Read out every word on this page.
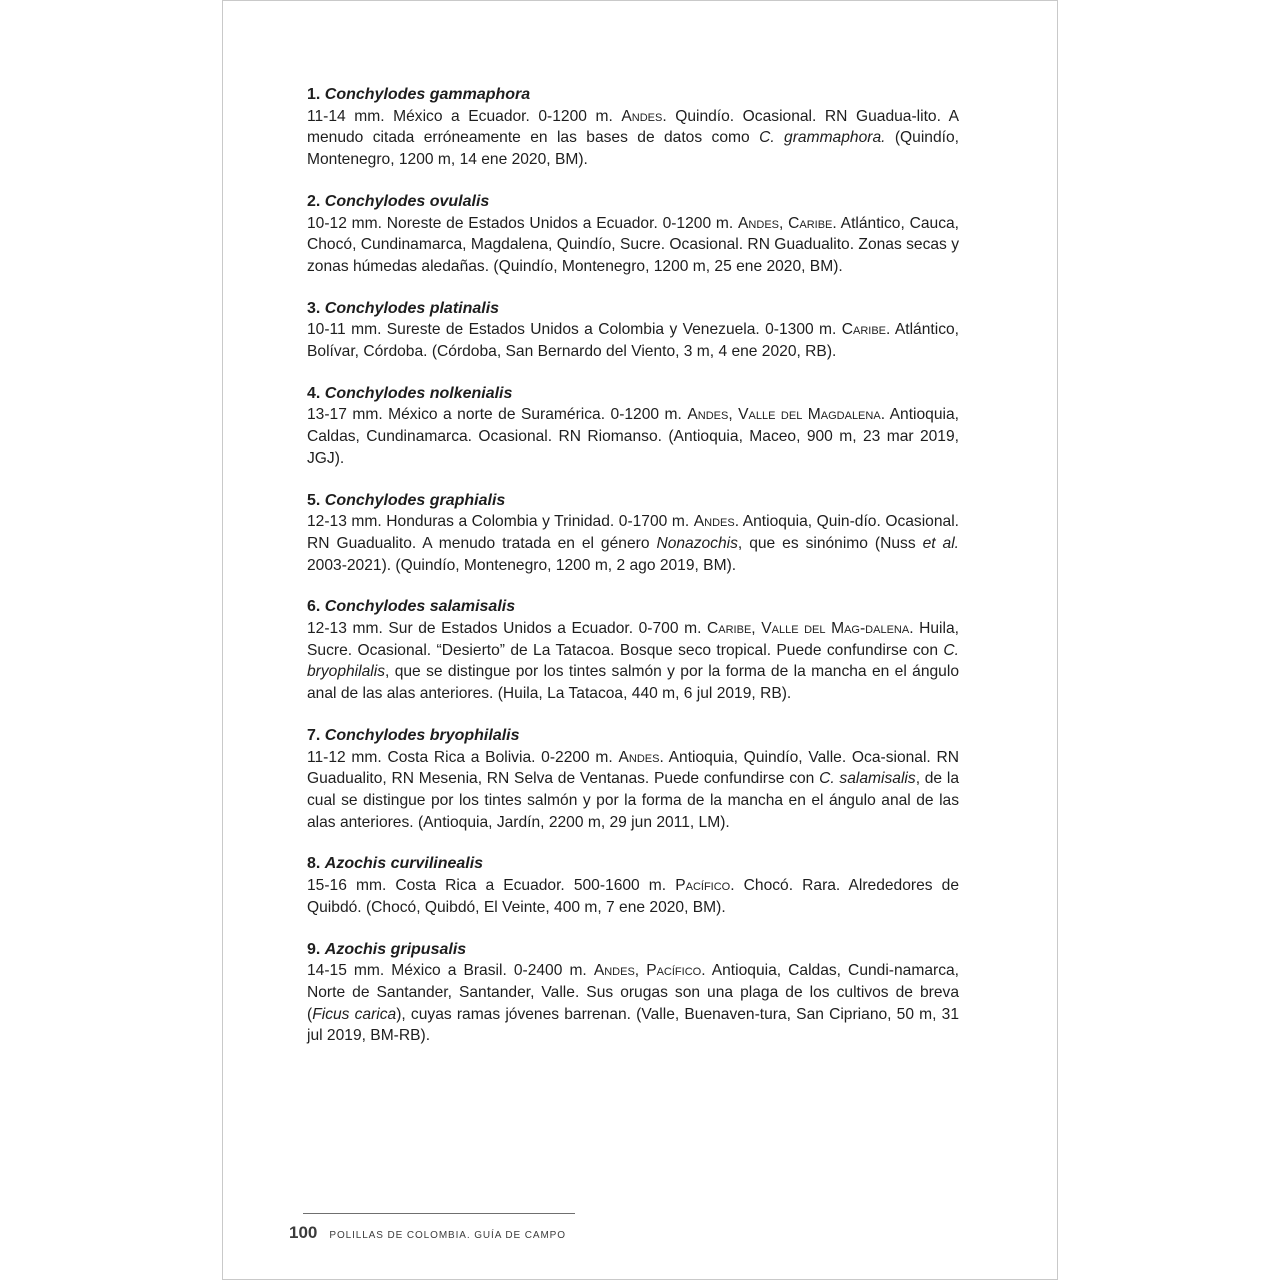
1. Conchylodes gammaphora

11-14 mm. México a Ecuador. 0-1200 m. Andes. Quindío. Ocasional. RN Guadua-lito. A menudo citada erróneamente en las bases de datos como C. grammaphora. (Quindío, Montenegro, 1200 m, 14 ene 2020, BM).

2. Conchylodes ovulalis

10-12 mm. Noreste de Estados Unidos a Ecuador. 0-1200 m. Andes, Caribe. Atlántico, Cauca, Chocó, Cundinamarca, Magdalena, Quindío, Sucre. Ocasional. RN Guadualito. Zonas secas y zonas húmedas aledañas. (Quindío, Montenegro, 1200 m, 25 ene 2020, BM).

3. Conchylodes platinalis

10-11 mm. Sureste de Estados Unidos a Colombia y Venezuela. 0-1300 m. Caribe. Atlántico, Bolívar, Córdoba. (Córdoba, San Bernardo del Viento, 3 m, 4 ene 2020, RB).

4. Conchylodes nolkenialis

13-17 mm. México a norte de Suramérica. 0-1200 m. Andes, Valle del Magdalena. Antioquia, Caldas, Cundinamarca. Ocasional. RN Riomanso. (Antioquia, Maceo, 900 m, 23 mar 2019, JGJ).

5. Conchylodes graphialis

12-13 mm. Honduras a Colombia y Trinidad. 0-1700 m. Andes. Antioquia, Quin-dío. Ocasional. RN Guadualito. A menudo tratada en el género Nonazochis, que es sinónimo (Nuss et al. 2003-2021). (Quindío, Montenegro, 1200 m, 2 ago 2019, BM).

6. Conchylodes salamisalis

12-13 mm. Sur de Estados Unidos a Ecuador. 0-700 m. Caribe, Valle del Mag-dalena. Huila, Sucre. Ocasional. “Desierto” de La Tatacoa. Bosque seco tropical. Puede confundirse con C. bryophilalis, que se distingue por los tintes salmón y por la forma de la mancha en el ángulo anal de las alas anteriores. (Huila, La Tatacoa, 440 m, 6 jul 2019, RB).

7. Conchylodes bryophilalis

11-12 mm. Costa Rica a Bolivia. 0-2200 m. Andes. Antioquia, Quindío, Valle. Oca-sional. RN Guadualito, RN Mesenia, RN Selva de Ventanas. Puede confundirse con C. salamisalis, de la cual se distingue por los tintes salmón y por la forma de la mancha en el ángulo anal de las alas anteriores. (Antioquia, Jardín, 2200 m, 29 jun 2011, LM).

8. Azochis curvilinealis

15-16 mm. Costa Rica a Ecuador. 500-1600 m. Pacífico. Chocó. Rara. Alrededores de Quibdó. (Chocó, Quibdó, El Veinte, 400 m, 7 ene 2020, BM).

9. Azochis gripusalis

14-15 mm. México a Brasil. 0-2400 m. Andes, Pacífico. Antioquia, Caldas, Cundi-namarca, Norte de Santander, Santander, Valle. Sus orugas son una plaga de los cultivos de breva (Ficus carica), cuyas ramas jóvenes barrenan. (Valle, Buenaven-tura, San Cipriano, 50 m, 31 jul 2019, BM-RB).

100 POLILLAS DE COLOMBIA. GUÍA DE CAMPO
